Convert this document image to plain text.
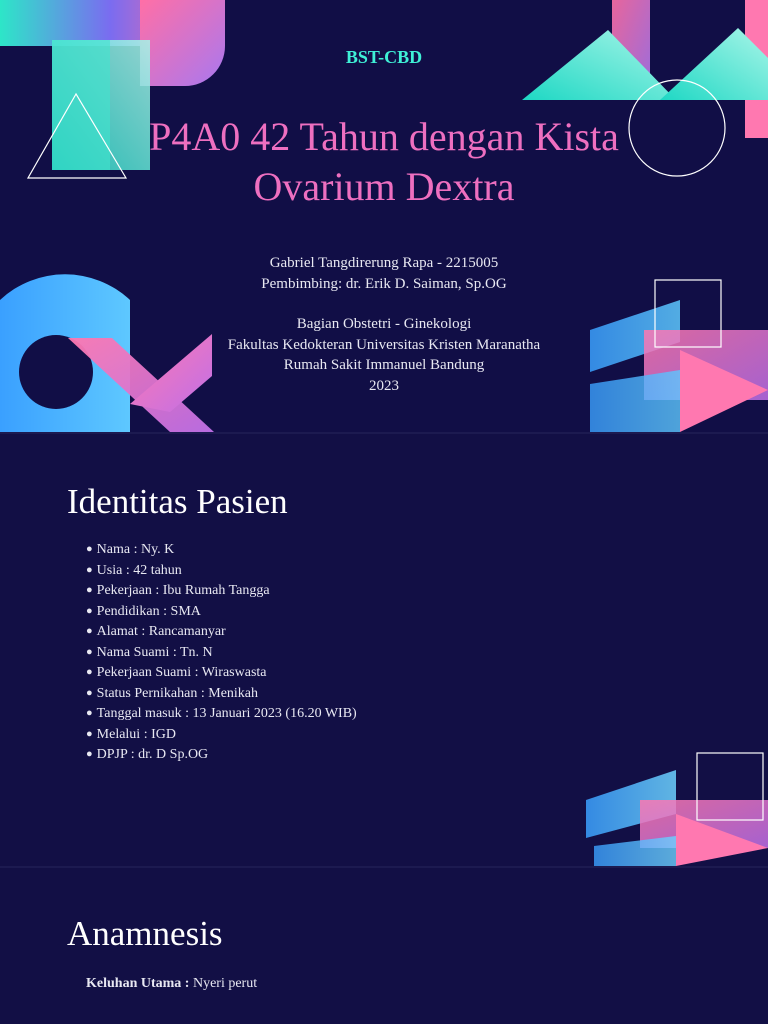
BST-CBD
P4A0 42 Tahun dengan Kista
Ovarium Dextra
Gabriel Tangdirerung Rapa - 2215005
Pembimbing: dr. Erik D. Saiman, Sp.OG
Bagian Obstetri - Ginekologi
Fakultas Kedokteran Universitas Kristen Maranatha
Rumah Sakit Immanuel Bandung
2023
Identitas Pasien
● Nama : Ny. K
● Usia : 42 tahun
● Pekerjaan : Ibu Rumah Tangga
● Pendidikan : SMA
● Alamat : Rancamanyar
● Nama Suami : Tn. N
● Pekerjaan Suami : Wiraswasta
● Status Pernikahan : Menikah
● Tanggal masuk : 13 Januari 2023 (16.20 WIB)
● Melalui : IGD
● DPJP : dr. D Sp.OG
Anamnesis
Keluhan Utama : Nyeri perut
